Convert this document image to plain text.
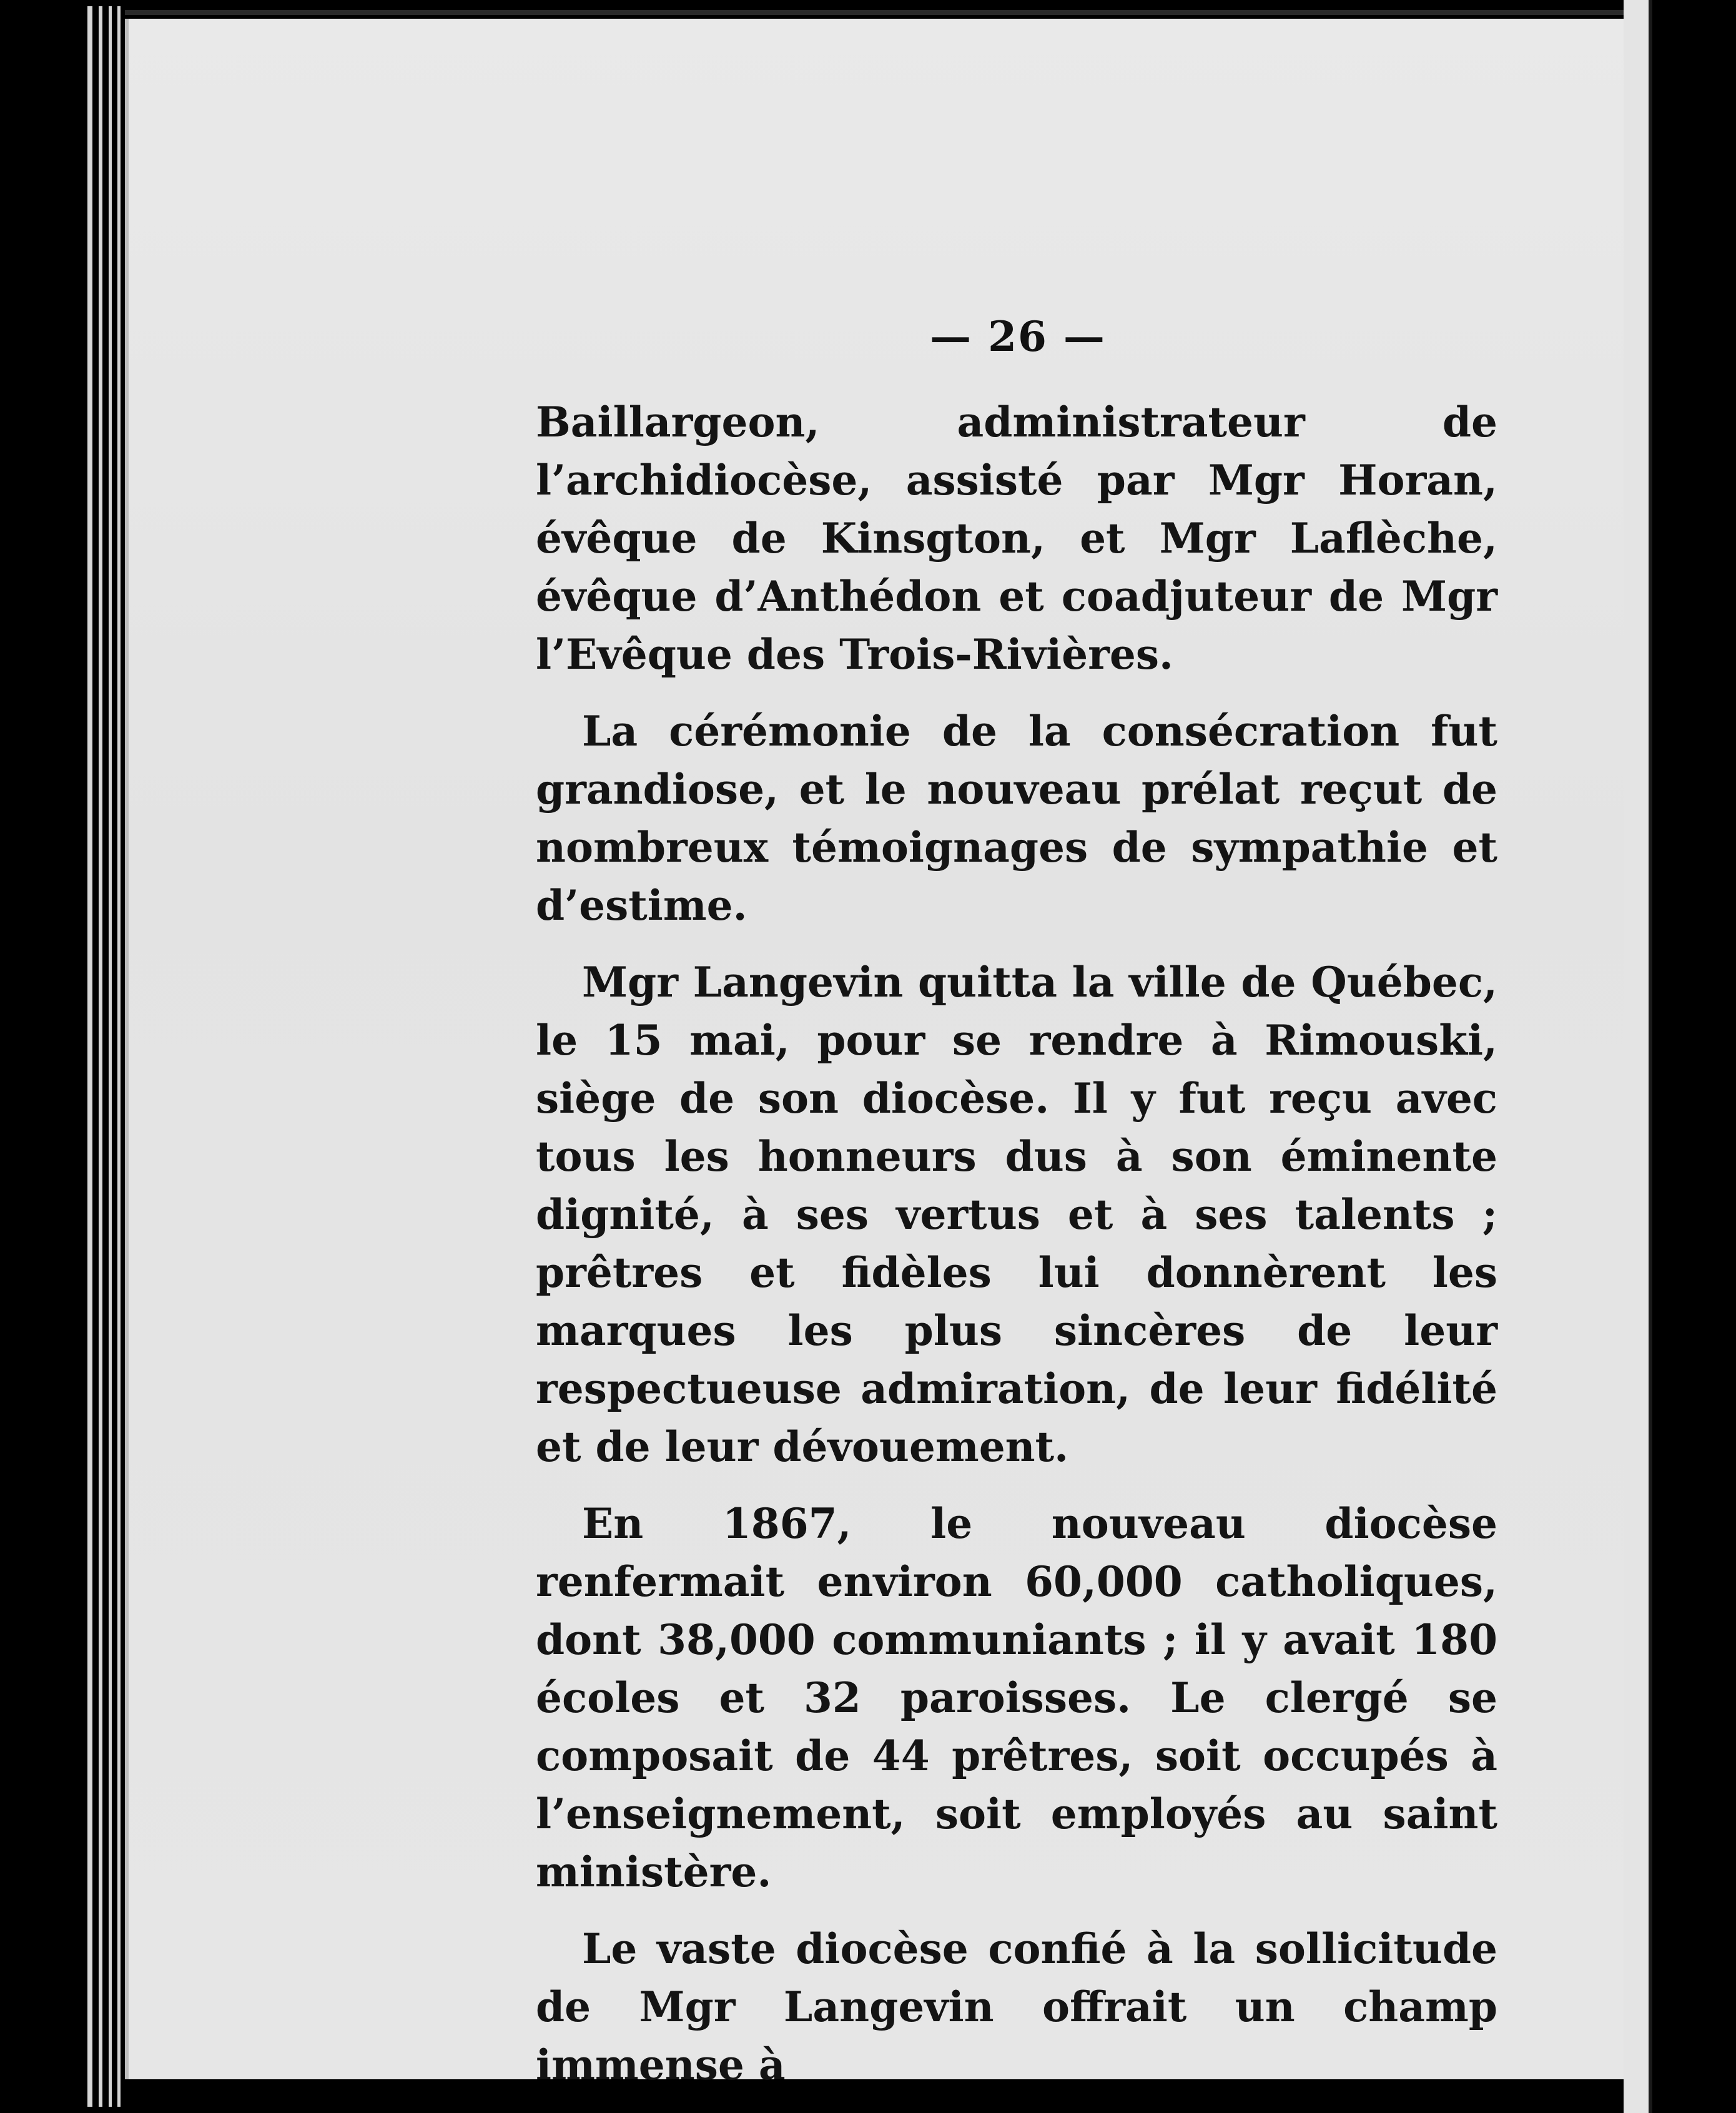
— 26 —

Baillargeon, administrateur de l’archidiocèse, assisté par Mgr Horan, évêque de Kinsgton, et Mgr Laflèche, évêque d’Anthédon et coadjuteur de Mgr l’Evêque des Trois-Rivières.

La cérémonie de la consécration fut grandiose, et le nouveau prélat reçut de nombreux témoignages de sympathie et d’estime.

Mgr Langevin quitta la ville de Québec, le 15 mai, pour se rendre à Rimouski, siège de son diocèse. Il y fut reçu avec tous les honneurs dus à son éminente dignité, à ses vertus et à ses talents ; prêtres et fidèles lui donnèrent les marques les plus sincères de leur respectueuse admiration, de leur fidélité et de leur dévouement.

En 1867, le nouveau diocèse renfermait environ 60,000 catholiques, dont 38,000 communiants ; il y avait 180 écoles et 32 paroisses. Le clergé se composait de 44 prêtres, soit occupés à l’enseignement, soit employés au saint ministère.

Le vaste diocèse confié à la sollicitude de Mgr Langevin offrait un champ immense à
